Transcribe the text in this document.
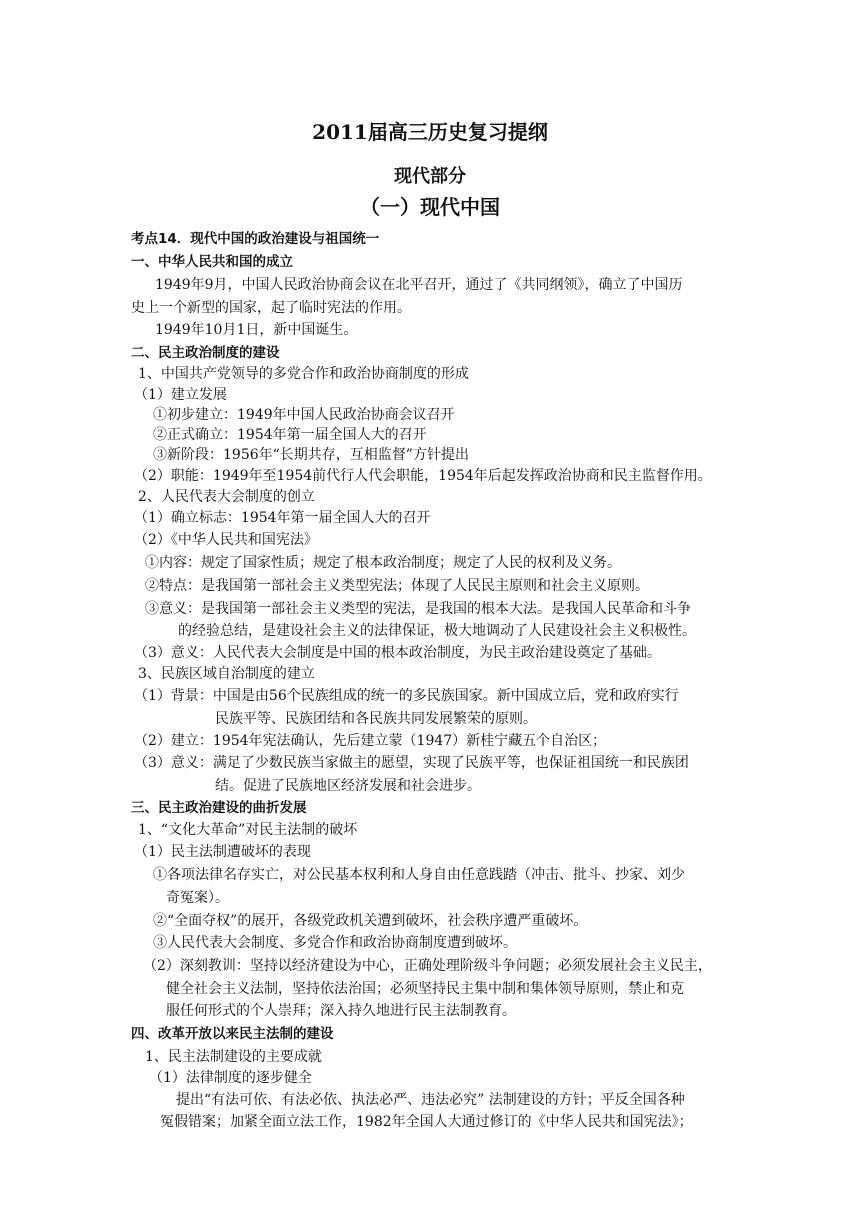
2011届高三历史复习提纲
现代部分
（一）现代中国
考点14．现代中国的政治建设与祖国统一
一、中华人民共和国的成立
1949年9月，中国人民政治协商会议在北平召开，通过了《共同纲领》，确立了中国历
史上一个新型的国家，起了临时宪法的作用。
1949年10月1日，新中国诞生。
二、民主政治制度的建设
1、中国共产党领导的多党合作和政治协商制度的形成
（1）建立发展
①初步建立：1949年中国人民政治协商会议召开
②正式确立：1954年第一届全国人大的召开
③新阶段：1956年“长期共存，互相监督”方针提出
（2）职能：1949年至1954前代行人代会职能，1954年后起发挥政治协商和民主监督作用。
2、人民代表大会制度的创立
（1）确立标志：1954年第一届全国人大的召开
（2）《中华人民共和国宪法》
①内容：规定了国家性质；规定了根本政治制度；规定了人民的权利及义务。
②特点：是我国第一部社会主义类型宪法；体现了人民民主原则和社会主义原则。
③意义：是我国第一部社会主义类型的宪法，是我国的根本大法。是我国人民革命和斗争
的经验总结，是建设社会主义的法律保证，极大地调动了人民建设社会主义积极性。
（3）意义：人民代表大会制度是中国的根本政治制度，为民主政治建设奠定了基础。
3、民族区域自治制度的建立
（1）背景：中国是由56个民族组成的统一的多民族国家。新中国成立后，党和政府实行
民族平等、民族团结和各民族共同发展繁荣的原则。
（2）建立：1954年宪法确认，先后建立蒙（1947）新桂宁藏五个自治区；
（3）意义：满足了少数民族当家做主的愿望，实现了民族平等，也保证祖国统一和民族团
结。促进了民族地区经济发展和社会进步。
三、民主政治建设的曲折发展
1、“文化大革命”对民主法制的破坏
（1）民主法制遭破坏的表现
①各项法律名存实亡，对公民基本权利和人身自由任意践踏（冲击、批斗、抄家、刘少
奇冤案）。
②“全面夺权”的展开，各级党政机关遭到破坏，社会秩序遭严重破坏。
③人民代表大会制度、多党合作和政治协商制度遭到破坏。
（2）深刻教训：坚持以经济建设为中心，正确处理阶级斗争问题；必须发展社会主义民主，
健全社会主义法制，坚持依法治国；必须坚持民主集中制和集体领导原则，禁止和克
服任何形式的个人崇拜；深入持久地进行民主法制教育。
四、改革开放以来民主法制的建设
1、民主法制建设的主要成就
（1）法律制度的逐步健全
提出“有法可依、有法必依、执法必严、违法必究” 法制建设的方针；平反全国各种
冤假错案；加紧全面立法工作，1982年全国人大通过修订的《中华人民共和国宪法》；
